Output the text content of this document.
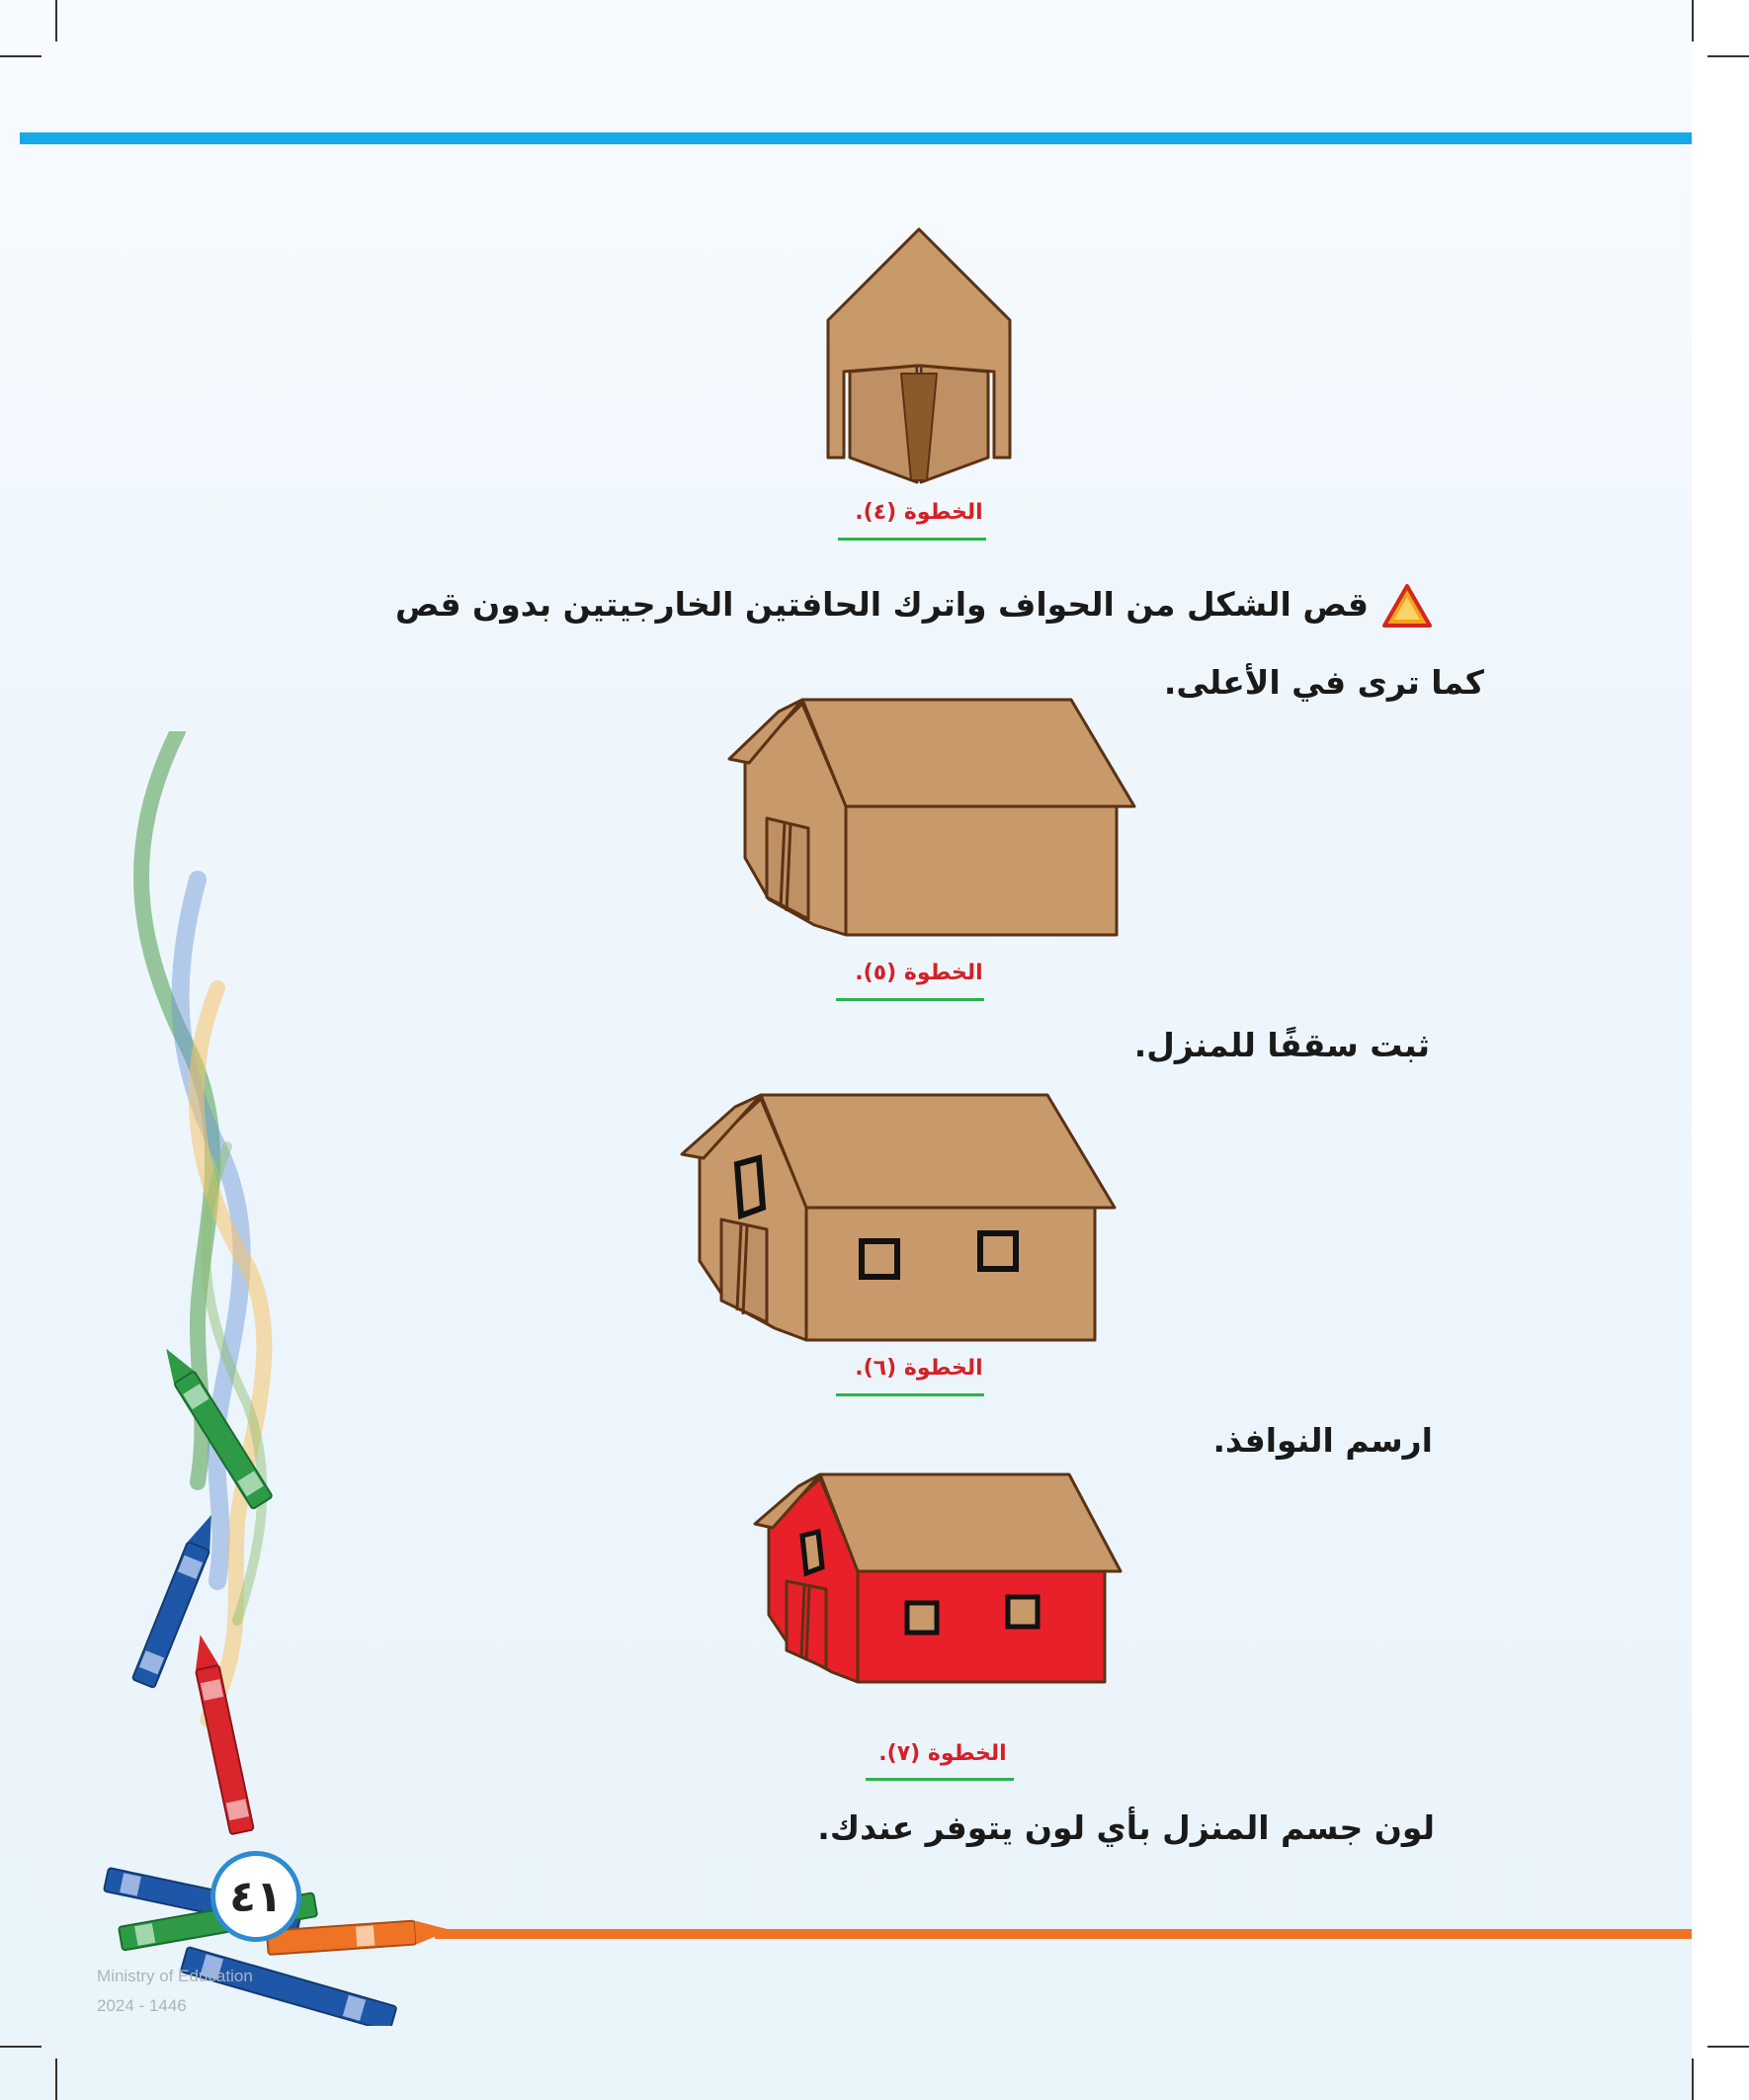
الخطوة (٤).
قص الشكل من الحواف واترك الحافتين الخارجيتين بدون قص
كما ترى في الأعلى.
الخطوة (٥).
ثبت سقفًا للمنزل.
الخطوة (٦).
ارسم النوافذ.
الخطوة (٧).
لون جسم المنزل بأي لون يتوفر عندك.
٤١
Ministry of Education
2024 - 1446
